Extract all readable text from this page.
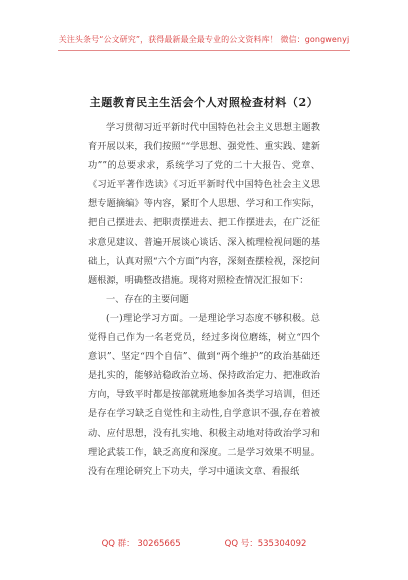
关注头条号“公文研究”，获得最新最全最专业的公文资料库！ 微信：gongwenyj
主题教育民主生活会个人对照检查材料（2）

学习贯彻习近平新时代中国特色社会主义思想主题教育开展以来，我们按照““学思想、强党性、重实践、建新功””的总要求求，系统学习了党的二十大报告、党章、《习近平著作选读》《习近平新时代中国特色社会主义思想专题摘编》等内容，紧盯个人思想、学习和工作实际，把自己摆进去、把职责摆进去、把工作摆进去，在广泛征求意见建议、普遍开展谈心谈话、深入梳理检视问题的基础上，认真对照“六个方面”内容，深刻查摆检视，深挖问题根源，明确整改措施。现将对照检查情况汇报如下：

一、存在的主要问题

(一)理论学习方面。一是理论学习态度不够积极。总觉得自己作为一名老党员，经过多岗位磨练，树立“四个意识”、坚定“四个自信”、做到“两个维护”的政治基础还是扎实的，能够站稳政治立场、保持政治定力、把准政治方向，导致平时都是按部就班地参加各类学习培训，但还是存在学习缺乏自觉性和主动性,自学意识不强,存在着被动、应付思想，没有扎实地、积极主动地对待政治学习和理论武装工作，缺乏高度和深度。二是学习效果不明显。没有在理论研究上下功夫，学习中通读文章、看报纸

QQ 群： 30265665	QQ 号：535304092
